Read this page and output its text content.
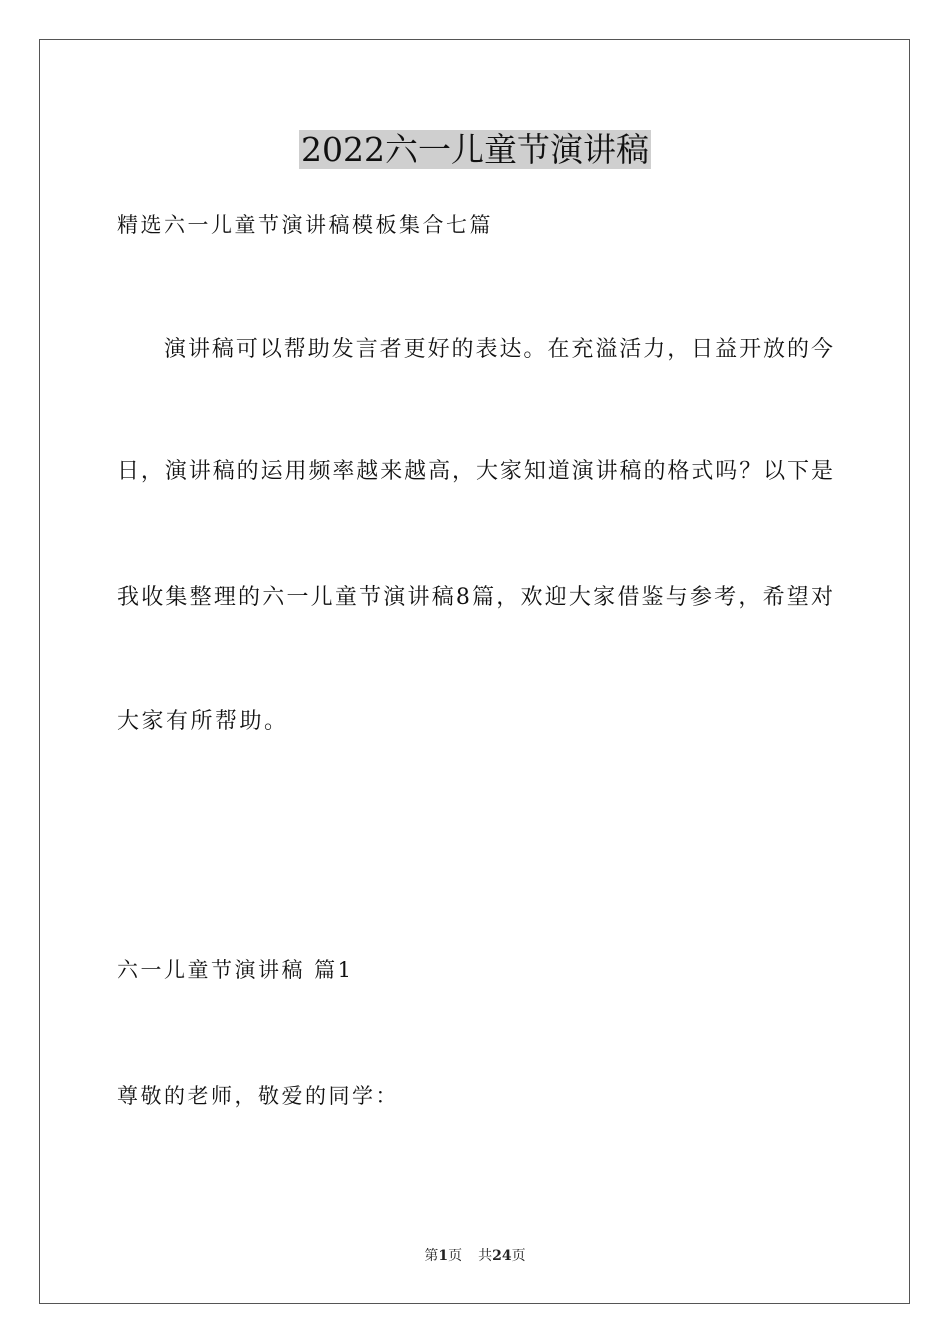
2022六一儿童节演讲稿
精选六一儿童节演讲稿模板集合七篇
演讲稿可以帮助发言者更好的表达。在充溢活力，日益开放的今
日，演讲稿的运用频率越来越高，大家知道演讲稿的格式吗？以下是
我收集整理的六一儿童节演讲稿8篇，欢迎大家借鉴与参考，希望对
大家有所帮助。
六一儿童节演讲稿 篇1
尊敬的老师，敬爱的同学：
第1页 共24页
